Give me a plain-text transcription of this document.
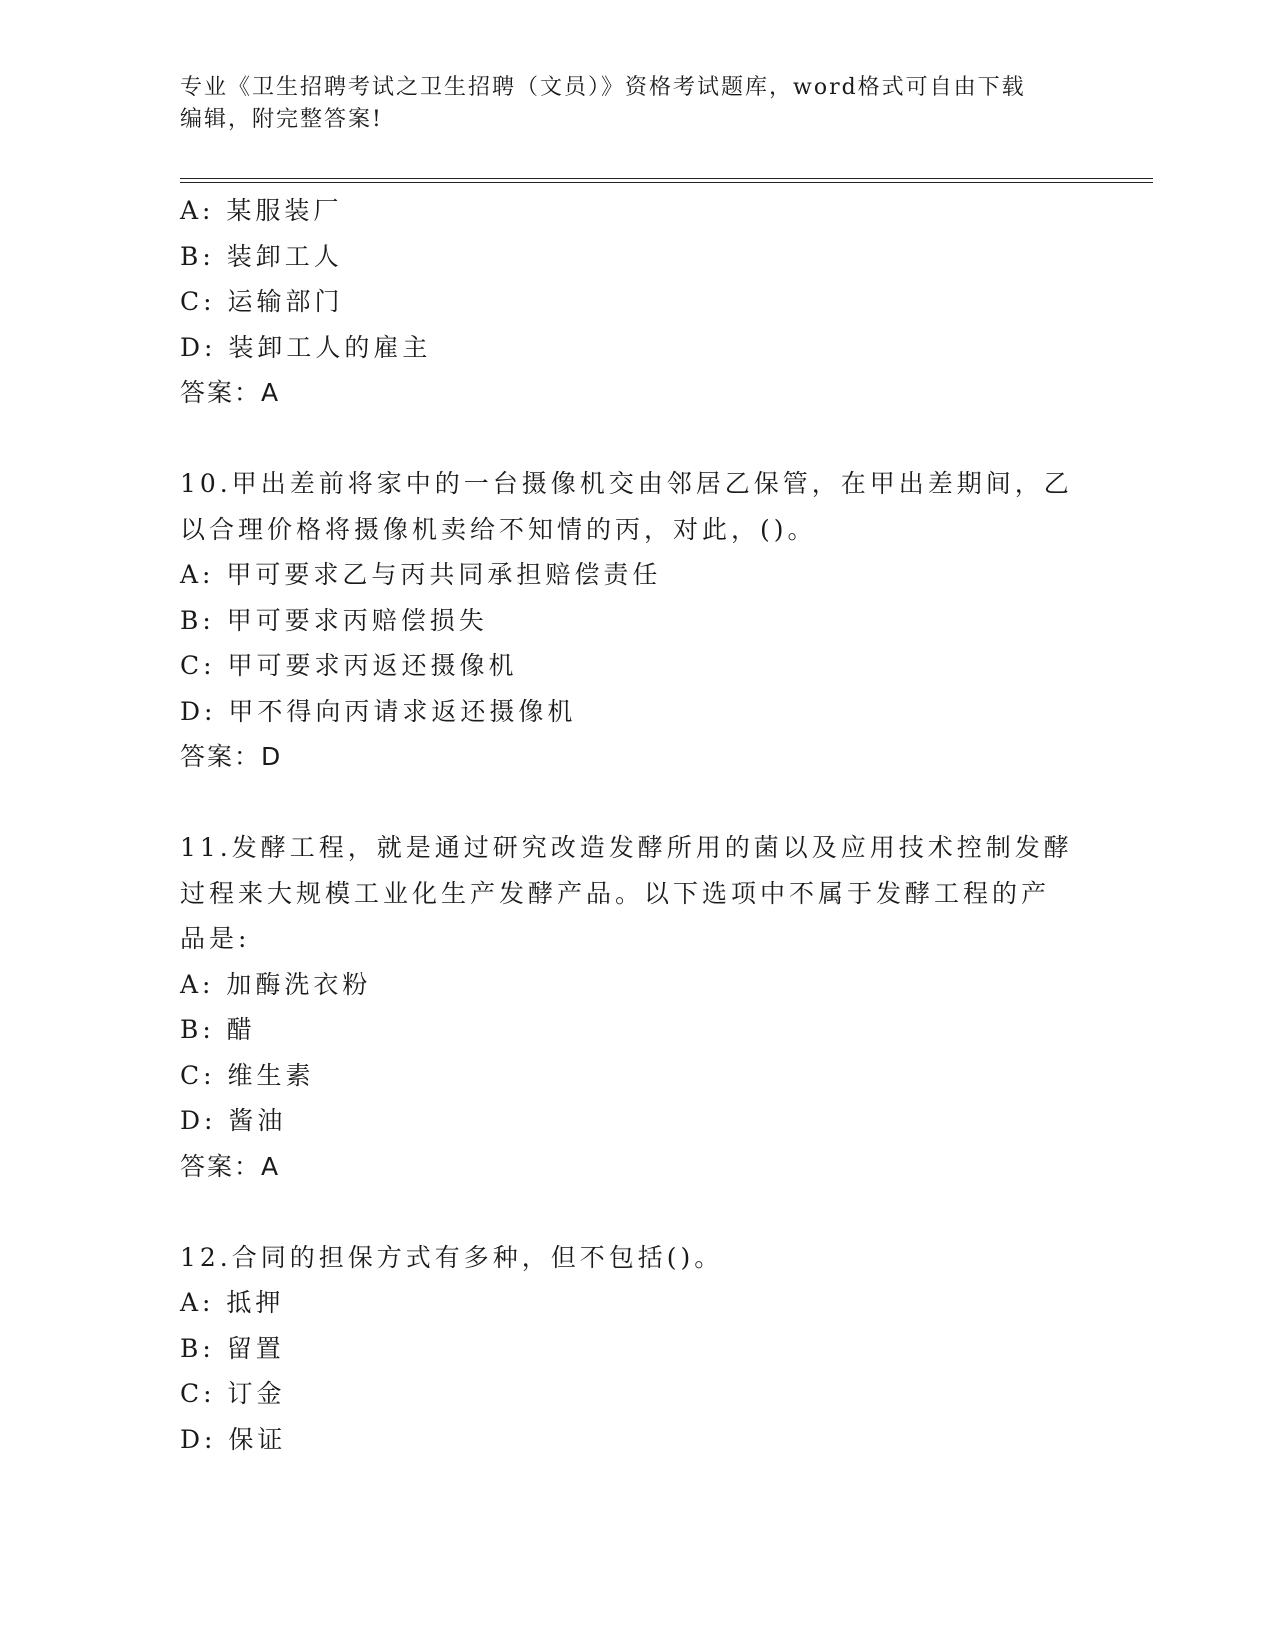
专业《卫生招聘考试之卫生招聘（文员）》资格考试题库，word格式可自由下载
编辑，附完整答案!
A: 某服装厂
B: 装卸工人
C: 运输部门
D: 装卸工人的雇主
答案：A
10.甲出差前将家中的一台摄像机交由邻居乙保管，在甲出差期间，乙
以合理价格将摄像机卖给不知情的丙，对此，()。
A: 甲可要求乙与丙共同承担赔偿责任
B: 甲可要求丙赔偿损失
C: 甲可要求丙返还摄像机
D: 甲不得向丙请求返还摄像机
答案：D
11.发酵工程，就是通过研究改造发酵所用的菌以及应用技术控制发酵
过程来大规模工业化生产发酵产品。以下选项中不属于发酵工程的产
品是:
A: 加酶洗衣粉
B: 醋
C: 维生素
D: 酱油
答案：A
12.合同的担保方式有多种，但不包括()。
A: 抵押
B: 留置
C: 订金
D: 保证
